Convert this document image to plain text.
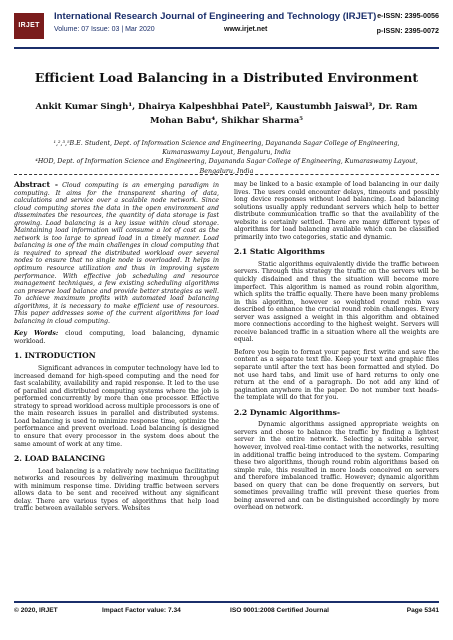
IRJET
International Research Journal of Engineering and Technology (IRJET) e-ISSN: 2395-0056
Volume: 07 Issue: 03 | Mar 2020	www.irjet.net	p-ISSN: 2395-0072
Efficient Load Balancing in a Distributed Environment
Ankit Kumar Singh¹, Dhairya Kalpeshbhai Patel², Kaustumbh Jaiswal³, Dr. Ram Mohan Babu⁴, Shikhar Sharma⁵
¹,²,³,⁵B.E. Student, Dept. of Information Science and Engineering, Dayananda Sagar College of Engineering, Kumaraswamy Layout, Bengaluru, India
⁴HOD, Dept. of Information Science and Engineering, Dayananda Sagar College of Engineering, Kumaraswamy Layout, Bengaluru, India

Abstract - Cloud computing is an emerging paradigm in computing. It aims for the transparent sharing of data, calculations and service over a scalable node network. Since cloud computing stores the data in the open environment and disseminates the resources, the quantity of data storage is fast growing. Load balancing is a key issue within cloud storage. Maintaining load information will consume a lot of cost as the network is too large to spread load in a timely manner. Load balancing is one of the main challenges in cloud computing that is required to spread the distributed workload over several nodes to ensure that no single node is overloaded. It helps in optimum resource utilization and thus in improving system performance. With effective job scheduling and resource management techniques, a few existing scheduling algorithms can preserve load balance and provide better strategies as well. To achieve maximum profits with automated load balancing algorithms, it is necessary to make efficient use of resources. This paper addresses some of the current algorithms for load balancing in cloud computing.

Key Words: cloud computing, load balancing, dynamic workload.

1. INTRODUCTION

Significant advances in computer technology have led to increased demand for high-speed computing and the need for fast scalability, availability and rapid response. It led to the use of parallel and distributed computing systems where the job is performed concurrently by more than one processor. Effective strategy to spread workload across multiple processors is one of the main research issues in parallel and distributed systems. Load balancing is used to minimize response time, optimize the performance and prevent overload. Load balancing is designed to ensure that every processor in the system does about the same amount of work at any time.

2. LOAD BALANCING

Load balancing is a relatively new technique facilitating networks and resources by delivering maximum throughput with minimum response time. Dividing traffic between servers allows data to be sent and received without any significant delay. There are various types of algorithms that help load traffic between available servers. Websites

may be linked to a basic example of load balancing in our daily lives. The users could encounter delays, timeouts and possibly long device responses without load balancing. Load balancing solutions usually apply redundant servers which help to better distribute communication traffic so that the availability of the website is certainly settled. There are many different types of algorithms for load balancing available which can be classified primarily into two categories, static and dynamic.

2.1 Static Algorithms

Static algorithms equivalently divide the traffic between servers. Through this strategy the traffic on the servers will be quickly disdained and thus the situation will become more imperfect. This algorithm is named as round robin algorithm, which splits the traffic equally. There have been many problems in this algorithm, however so weighted round robin was described to enhance the crucial round robin challenges. Every server was assigned a weight in this algorithm and obtained more connections according to the highest weight. Servers will receive balanced traffic in a situation where all the weights are equal.

Before you begin to format your paper, first write and save the content as a separate text file. Keep your text and graphic files separate until after the text has been formatted and styled. Do not use hard tabs, and limit use of hard returns to only one return at the end of a paragraph. Do not add any kind of pagination anywhere in the paper. Do not number text heads-the template will do that for you.

2.2 Dynamic Algorithms-

Dynamic algorithms assigned appropriate weights on servers and chose to balance the traffic by finding a lightest server in the entire network. Selecting a suitable server, however, involved real-time contact with the networks, resulting in additional traffic being introduced to the system. Comparing these two algorithms, though round robin algorithms based on simple rule, this resulted in more loads conceived on servers and therefore imbalanced traffic. However; dynamic algorithm based on query that can be done frequently on servers, but sometimes prevailing traffic will prevent these queries from being answered and can be distinguished accordingly by more overhead on network.

© 2020, IRJET	Impact Factor value: 7.34	ISO 9001:2008 Certified Journal	Page 5341
